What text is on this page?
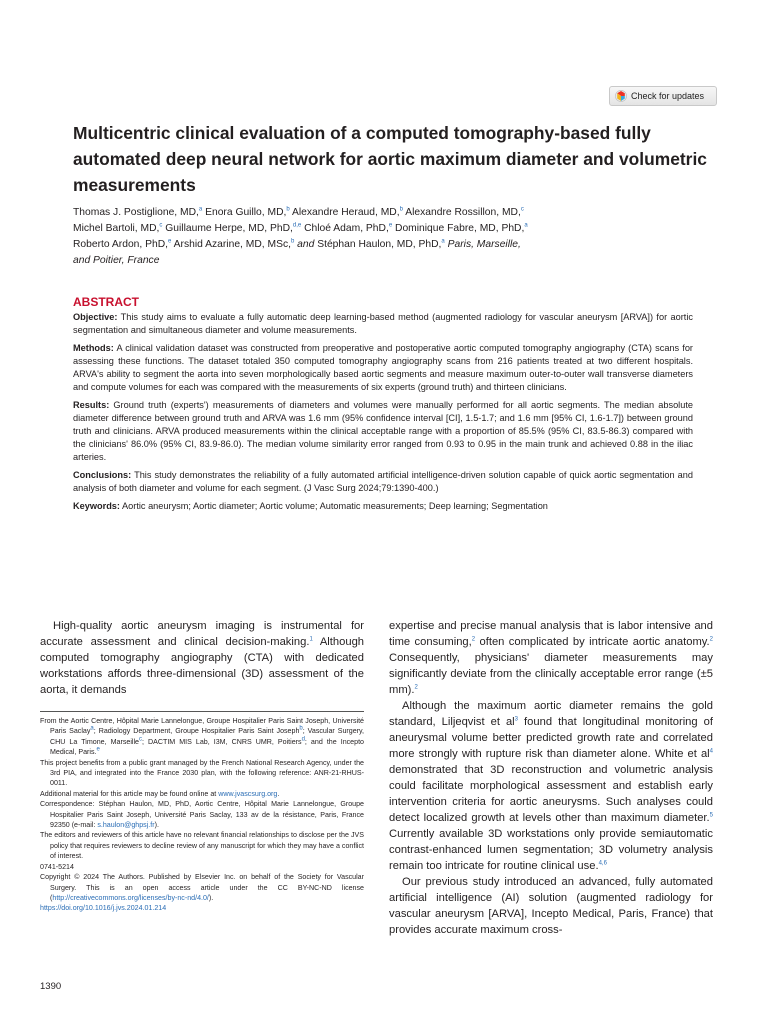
Check for updates
Multicentric clinical evaluation of a computed tomography-based fully automated deep neural network for aortic maximum diameter and volumetric measurements

Thomas J. Postiglione, MD,$^a$ Enora Guillo, MD,$^b$ Alexandre Heraud, MD,$^b$ Alexandre Rossillon, MD,$^c$
Michel Bartoli, MD,$^c$ Guillaume Herpe, MD, PhD,$^{d,e}$ Chloé Adam, PhD,$^e$ Dominique Fabre, MD, PhD,$^a$
Roberto Ardon, PhD,$^e$ Arshid Azarine, MD, MSc,$^b$ and Stéphan Haulon, MD, PhD,$^a$ Paris, Marseille,
and Poitier, France

ABSTRACT

Objective: This study aims to evaluate a fully automatic deep learning-based method (augmented radiology for vascular aneurysm [ARVA]) for aortic segmentation and simultaneous diameter and volume measurements.

Methods: A clinical validation dataset was constructed from preoperative and postoperative aortic computed tomography angiography (CTA) scans for assessing these functions. The dataset totaled 350 computed tomography angiography scans from 216 patients treated at two different hospitals. ARVA's ability to segment the aorta into seven morphologically based aortic segments and measure maximum outer-to-outer wall transverse diameters and compute volumes for each was compared with the measurements of six experts (ground truth) and thirteen clinicians.

Results: Ground truth (experts') measurements of diameters and volumes were manually performed for all aortic segments. The median absolute diameter difference between ground truth and ARVA was 1.6 mm (95% confidence interval [CI], 1.5-1.7; and 1.6 mm [95% CI, 1.6-1.7]) between ground truth and clinicians. ARVA produced measurements within the clinical acceptable range with a proportion of 85.5% (95% CI, 83.5-86.3) compared with the clinicians' 86.0% (95% CI, 83.9-86.0). The median volume similarity error ranged from 0.93 to 0.95 in the main trunk and achieved 0.88 in the iliac arteries.

Conclusions: This study demonstrates the reliability of a fully automated artificial intelligence-driven solution capable of quick aortic segmentation and analysis of both diameter and volume for each segment. (J Vasc Surg 2024;79:1390-400.)

Keywords: Aortic aneurysm; Aortic diameter; Aortic volume; Automatic measurements; Deep learning; Segmentation

High-quality aortic aneurysm imaging is instrumental for accurate assessment and clinical decision-making.$^1$ Although computed tomography angiography (CTA) with dedicated workstations affords three-dimensional (3D) assessment of the aorta, it demands

From the Aortic Centre, Hôpital Marie Lannelongue, Groupe Hospitalier Paris Saint Joseph, Université Paris Saclay$^a$; Radiology Department, Groupe Hospitalier Paris Saint Joseph$^b$; Vascular Surgery, CHU La Timone, Marseille$^c$; DACTIM MIS Lab, I3M, CNRS UMR, Poitiers$^d$; and the Incepto Medical, Paris.$^e$

This project benefits from a public grant managed by the French National Research Agency, under the 3rd PIA, and integrated into the France 2030 plan, with the following reference: ANR-21-RHUS-0011.

Additional material for this article may be found online at www.jvascsurg.org.

Correspondence: Stéphan Haulon, MD, PhD, Aortic Centre, Hôpital Marie Lannelongue, Groupe Hospitalier Paris Saint Joseph, Université Paris Saclay, 133 av de la résistance, Paris, France 92350 (e-mail: s.haulon@ghpsj.fr).

The editors and reviewers of this article have no relevant financial relationships to disclose per the JVS policy that requires reviewers to decline review of any manuscript for which they may have a conflict of interest.

0741-5214

Copyright © 2024 The Authors. Published by Elsevier Inc. on behalf of the Society for Vascular Surgery. This is an open access article under the CC BY-NC-ND license (http://creativecommons.org/licenses/by-nc-nd/4.0/).

https://doi.org/10.1016/j.jvs.2024.01.214

expertise and precise manual analysis that is labor intensive and time consuming,$^2$ often complicated by intricate aortic anatomy.$^2$ Consequently, physicians' diameter measurements may significantly deviate from the clinically acceptable error range (±5 mm).$^2$

Although the maximum aortic diameter remains the gold standard, Liljeqvist et $al^3$ found that longitudinal monitoring of aneurysmal volume better predicted growth rate and correlated more strongly with rupture risk than diameter alone. White et $al^4$ demonstrated that 3D reconstruction and volumetric analysis could facilitate morphological assessment and establish early intervention criteria for aortic aneurysms. Such analyses could detect localized growth at levels other than maximum diameter.$^5$ Currently available 3D workstations only provide semiautomatic contrast-enhanced lumen segmentation; 3D volumetry analysis remain too intricate for routine clinical use.$^{4,6}$

Our previous study introduced an advanced, fully automated artificial intelligence (AI) solution (augmented radiology for vascular aneurysm [ARVA], Incepto Medical, Paris, France) that provides accurate maximum cross-

1390
